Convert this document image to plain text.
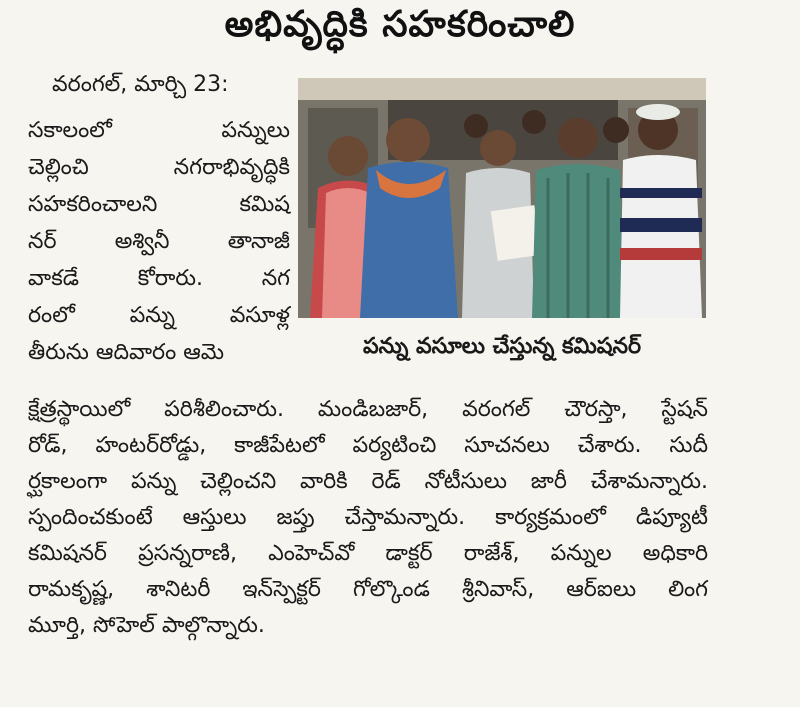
అభివృద్ధికి సహకరించాలి
వరంగల్, మార్చి 23:
సకాలంలో పన్నులు
చెల్లించి నగరాభివృద్ధికి
సహకరించాలని కమిష
నర్ అశ్వినీ తానాజీ
వాకడే కోరారు. నగ
రంలో పన్ను వసూళ్ల
తీరును ఆదివారం ఆమె	పన్ను వసూలు చేస్తున్న కమిషనర్
క్షేత్రస్థాయిలో పరిశీలించారు. మండిబజార్, వరంగల్ చౌరస్తా, స్టేషన్
రోడ్, హంటర్‌రోడ్డు, కాజీపేటలో పర్యటించి సూచనలు చేశారు. సుదీ
ర్ఘకాలంగా పన్ను చెల్లించని వారికి రెడ్ నోటీసులు జారీ చేశామన్నారు.
స్పందించకుంటే ఆస్తులు జప్తు చేస్తామన్నారు. కార్యక్రమంలో డిప్యూటీ
కమిషనర్ ప్రసన్నరాణి, ఎంహెచ్‌వో డాక్టర్ రాజేశ్, పన్నుల అధికారి
రామకృష్ణ, శానిటరీ ఇన్‌స్పెక్టర్ గోల్కొండ శ్రీనివాస్, ఆర్ఐలు లింగ
మూర్తి, సోహెల్ పాల్గొన్నారు.
